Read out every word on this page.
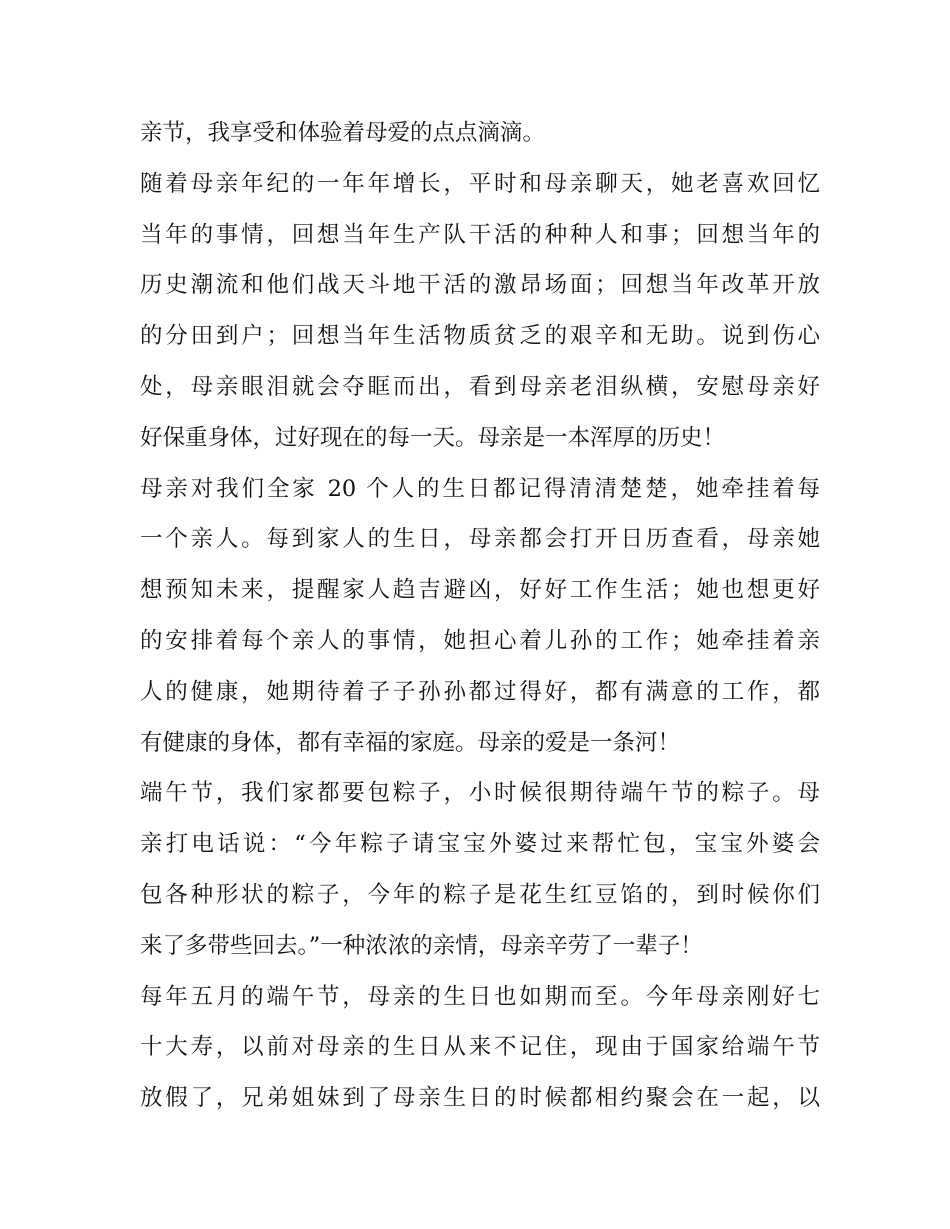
亲节，我享受和体验着母爱的点点滴滴。
随着母亲年纪的一年年增长，平时和母亲聊天，她老喜欢回忆
当年的事情，回想当年生产队干活的种种人和事；回想当年的
历史潮流和他们战天斗地干活的激昂场面；回想当年改革开放
的分田到户；回想当年生活物质贫乏的艰辛和无助。说到伤心
处，母亲眼泪就会夺眶而出，看到母亲老泪纵横，安慰母亲好
好保重身体，过好现在的每一天。母亲是一本浑厚的历史！
母亲对我们全家 20 个人的生日都记得清清楚楚，她牵挂着每
一个亲人。每到家人的生日，母亲都会打开日历查看，母亲她
想预知未来，提醒家人趋吉避凶，好好工作生活；她也想更好
的安排着每个亲人的事情，她担心着儿孙的工作；她牵挂着亲
人的健康，她期待着子子孙孙都过得好，都有满意的工作，都
有健康的身体，都有幸福的家庭。母亲的爱是一条河！
端午节，我们家都要包粽子，小时候很期待端午节的粽子。母
亲打电话说：“今年粽子请宝宝外婆过来帮忙包，宝宝外婆会
包各种形状的粽子，今年的粽子是花生红豆馅的，到时候你们
来了多带些回去。”一种浓浓的亲情，母亲辛劳了一辈子！
每年五月的端午节，母亲的生日也如期而至。今年母亲刚好七
十大寿，以前对母亲的生日从来不记住，现由于国家给端午节
放假了，兄弟姐妹到了母亲生日的时候都相约聚会在一起，以
